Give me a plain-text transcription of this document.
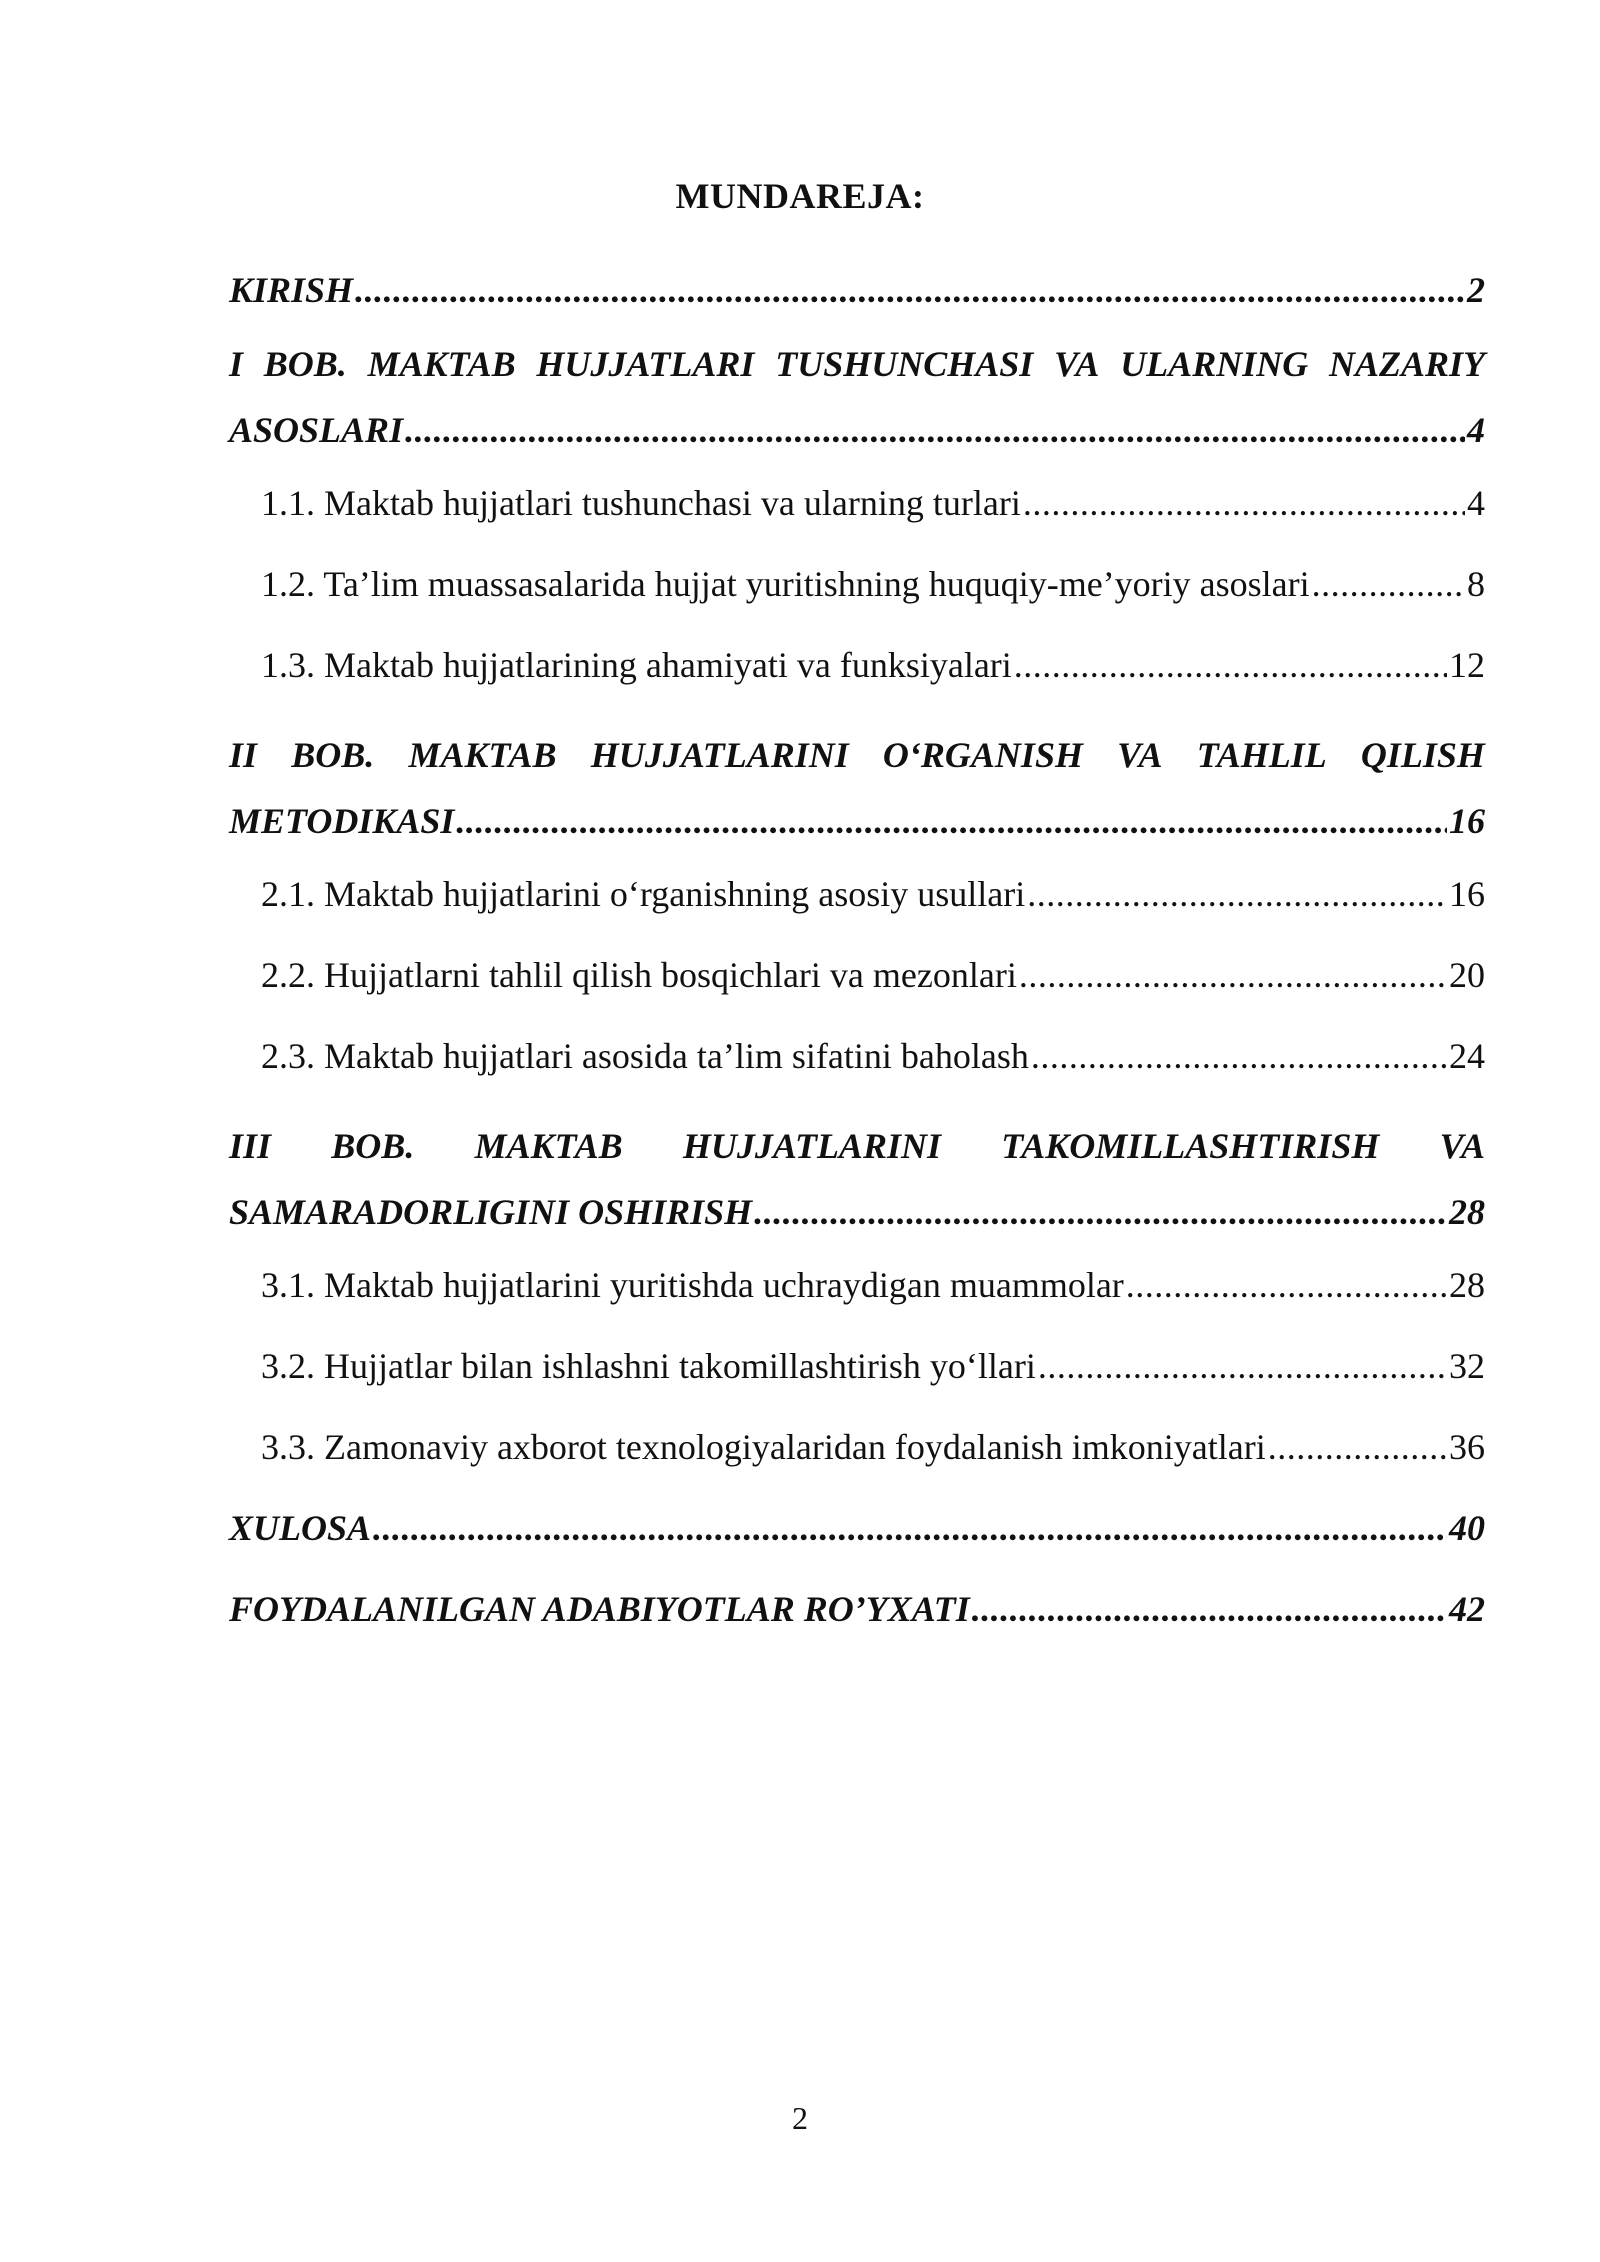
MUNDAREJA:
KIRISH .....	2
I BOB. MAKTAB HUJJATLARI TUSHUNCHASI VA ULARNING NAZARIY
ASOSLARI .....	4
1.1. Maktab hujjatlari tushunchasi va ularning turlari .....	4
1.2. Ta’lim muassasalarida hujjat yuritishning huquqiy-me’yoriy asoslari .....	8
1.3. Maktab hujjatlarining ahamiyati va funksiyalari .....	12
II BOB. MAKTAB HUJJATLARINI O‘RGANISH VA TAHLIL QILISH
METODIKASI .....	16
2.1. Maktab hujjatlarini o‘rganishning asosiy usullari .....	16
2.2. Hujjatlarni tahlil qilish bosqichlari va mezonlari .....	20
2.3. Maktab hujjatlari asosida ta’lim sifatini baholash .....	24
III BOB. MAKTAB HUJJATLARINI TAKOMILLASHTIRISH VA
SAMARADORLIGINI OSHIRISH .....	28
3.1. Maktab hujjatlarini yuritishda uchraydigan muammolar .....	28
3.2. Hujjatlar bilan ishlashni takomillashtirish yo‘llari .....	32
3.3. Zamonaviy axborot texnologiyalaridan foydalanish imkoniyatlari .....	36
XULOSA .....	40
FOYDALANILGAN ADABIYOTLAR RO’YXATI .....	42
2
